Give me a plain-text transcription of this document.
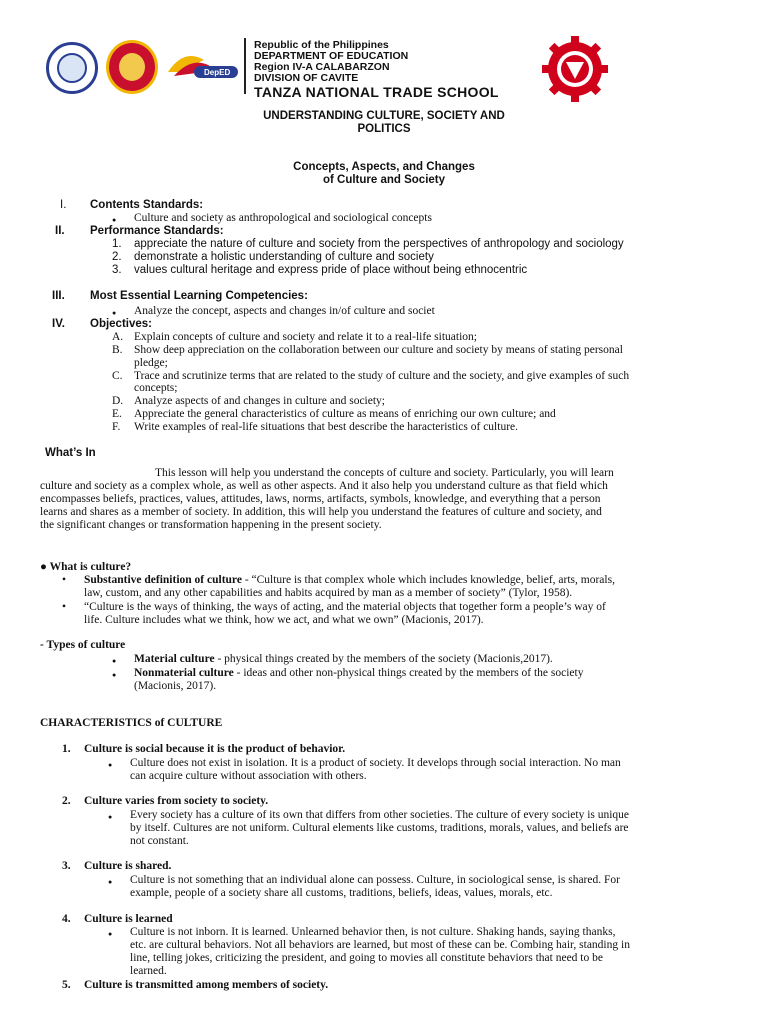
DepED
Republic of the Philippines
DEPARTMENT OF EDUCATION
Region IV-A CALABARZON
DIVISION OF CAVITE
TANZA NATIONAL TRADE SCHOOL
UNDERSTANDING CULTURE, SOCIETY AND
POLITICS
Concepts, Aspects, and Changes
of Culture and Society
I. Contents Standards:
● Culture and society as anthropological and sociological concepts
II. Performance Standards:
1. appreciate the nature of culture and society from the perspectives of anthropology and sociology
2. demonstrate a holistic understanding of culture and society
3. values cultural heritage and express pride of place without being ethnocentric
III. Most Essential Learning Competencies:
● Analyze the concept, aspects and changes in/of culture and societ
IV. Objectives:
A. Explain concepts of culture and society and relate it to a real-life situation;
B. Show deep appreciation on the collaboration between our culture and society by means of stating personal
pledge;
C. Trace and scrutinize terms that are related to the study of culture and the society, and give examples of such
concepts;
D. Analyze aspects of and changes in culture and society;
E. Appreciate the general characteristics of culture as means of enriching our own culture; and
F. Write examples of real-life situations that best describe the haracteristics of culture.
What’s In
This lesson will help you understand the concepts of culture and society. Particularly, you will learn
culture and society as a complex whole, as well as other aspects. And it also help you understand culture as that field which
encompasses beliefs, practices, values, attitudes, laws, norms, artifacts, symbols, knowledge, and everything that a person
learns and shares as a member of society. In addition, this will help you understand the features of culture and society, and
the significant changes or transformation happening in the present society.
● What is culture?
• Substantive definition of culture - “Culture is that complex whole which includes knowledge, belief, arts, morals,
law, custom, and any other capabilities and habits acquired by man as a member of society” (Tylor, 1958).
• “Culture is the ways of thinking, the ways of acting, and the material objects that together form a people’s way of
life. Culture includes what we think, how we act, and what we own” (Macionis, 2017).
- Types of culture
● Material culture - physical things created by the members of the society (Macionis,2017).
● Nonmaterial culture - ideas and other non-physical things created by the members of the society
(Macionis, 2017).
CHARACTERISTICS of CULTURE
1. Culture is social because it is the product of behavior.
● Culture does not exist in isolation. It is a product of society. It develops through social interaction. No man
can acquire culture without association with others.
2. Culture varies from society to society.
● Every society has a culture of its own that differs from other societies. The culture of every society is unique
by itself. Cultures are not uniform. Cultural elements like customs, traditions, morals, values, and beliefs are
not constant.
3. Culture is shared.
● Culture is not something that an individual alone can possess. Culture, in sociological sense, is shared. For
example, people of a society share all customs, traditions, beliefs, ideas, values, morals, etc.
4. Culture is learned
● Culture is not inborn. It is learned. Unlearned behavior then, is not culture. Shaking hands, saying thanks,
etc. are cultural behaviors. Not all behaviors are learned, but most of these can be. Combing hair, standing in
line, telling jokes, criticizing the president, and going to movies all constitute behaviors that need to be
learned.
5. Culture is transmitted among members of society.
